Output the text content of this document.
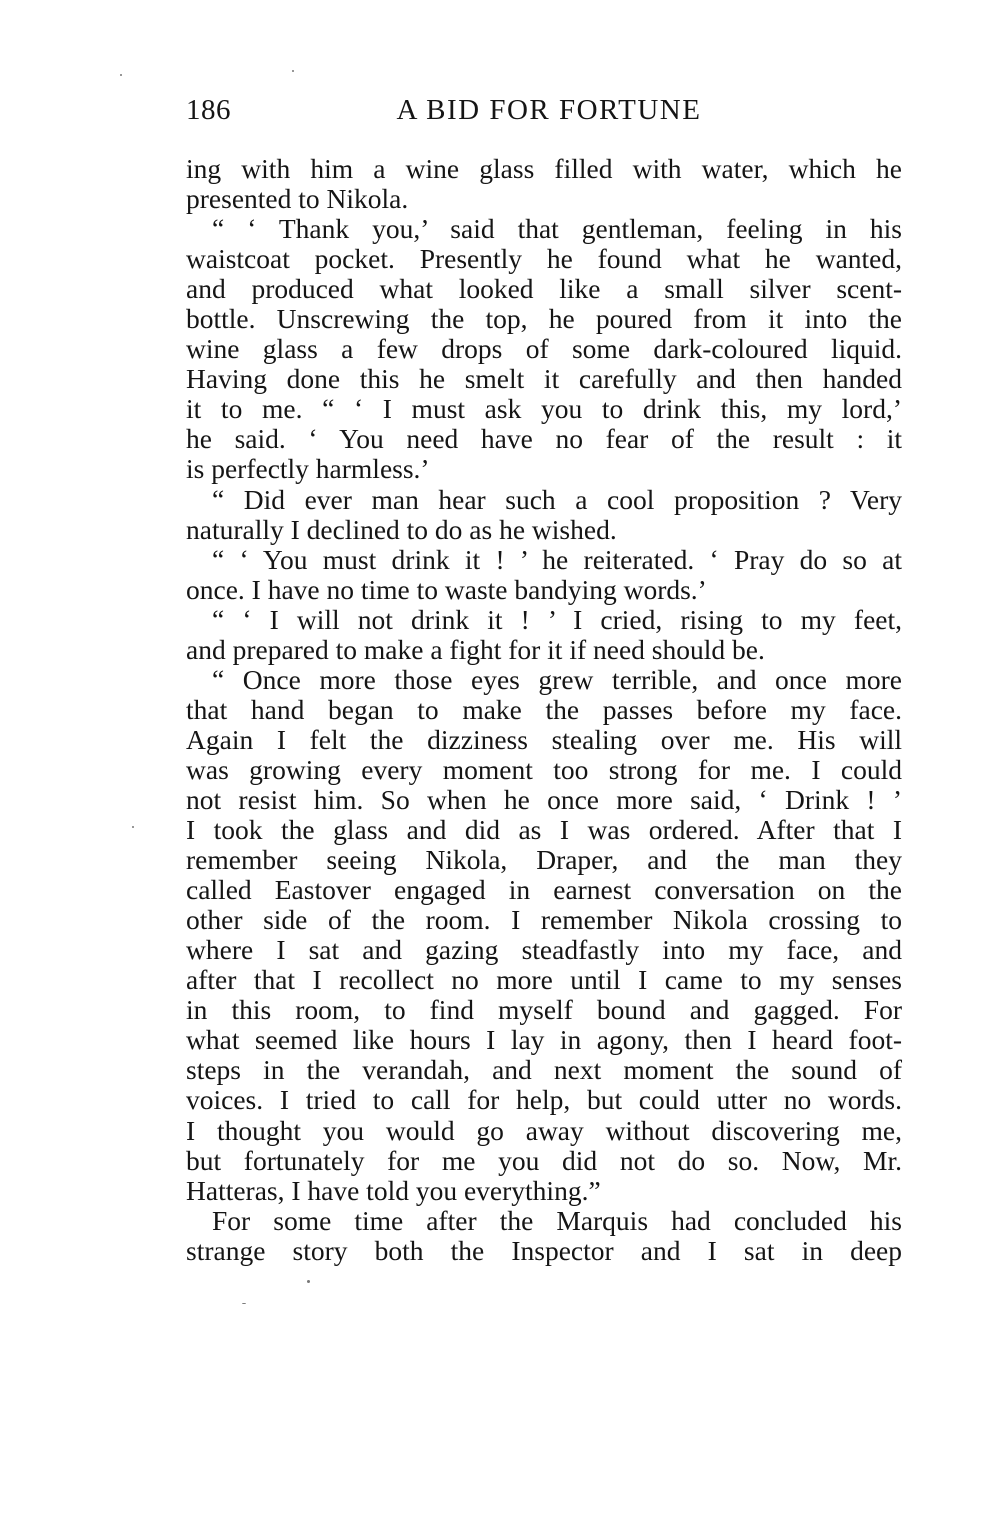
186	A BID FOR FORTUNE
ing with him a wine glass filled with water, which he
presented to Nikola.
“ ‘ Thank you,’ said that gentleman, feeling in his
waistcoat pocket. Presently he found what he wanted,
and produced what looked like a small silver scent-
bottle. Unscrewing the top, he poured from it into the
wine glass a few drops of some dark-coloured liquid.
Having done this he smelt it carefully and then handed
it to me. “ ‘ I must ask you to drink this, my lord,’
he said. ‘ You need have no fear of the result : it
is perfectly harmless.’
“ Did ever man hear such a cool proposition ? Very
naturally I declined to do as he wished.
“ ‘ You must drink it ! ’ he reiterated. ‘ Pray do so at
once. I have no time to waste bandying words.’
“ ‘ I will not drink it ! ’ I cried, rising to my feet,
and prepared to make a fight for it if need should be.
“ Once more those eyes grew terrible, and once more
that hand began to make the passes before my face.
Again I felt the dizziness stealing over me. His will
was growing every moment too strong for me. I could
not resist him. So when he once more said, ‘ Drink ! ’
I took the glass and did as I was ordered. After that I
remember seeing Nikola, Draper, and the man they
called Eastover engaged in earnest conversation on the
other side of the room. I remember Nikola crossing to
where I sat and gazing steadfastly into my face, and
after that I recollect no more until I came to my senses
in this room, to find myself bound and gagged. For
what seemed like hours I lay in agony, then I heard foot-
steps in the verandah, and next moment the sound of
voices. I tried to call for help, but could utter no words.
I thought you would go away without discovering me,
but fortunately for me you did not do so. Now, Mr.
Hatteras, I have told you everything.”
For some time after the Marquis had concluded his
strange story both the Inspector and I sat in deep
